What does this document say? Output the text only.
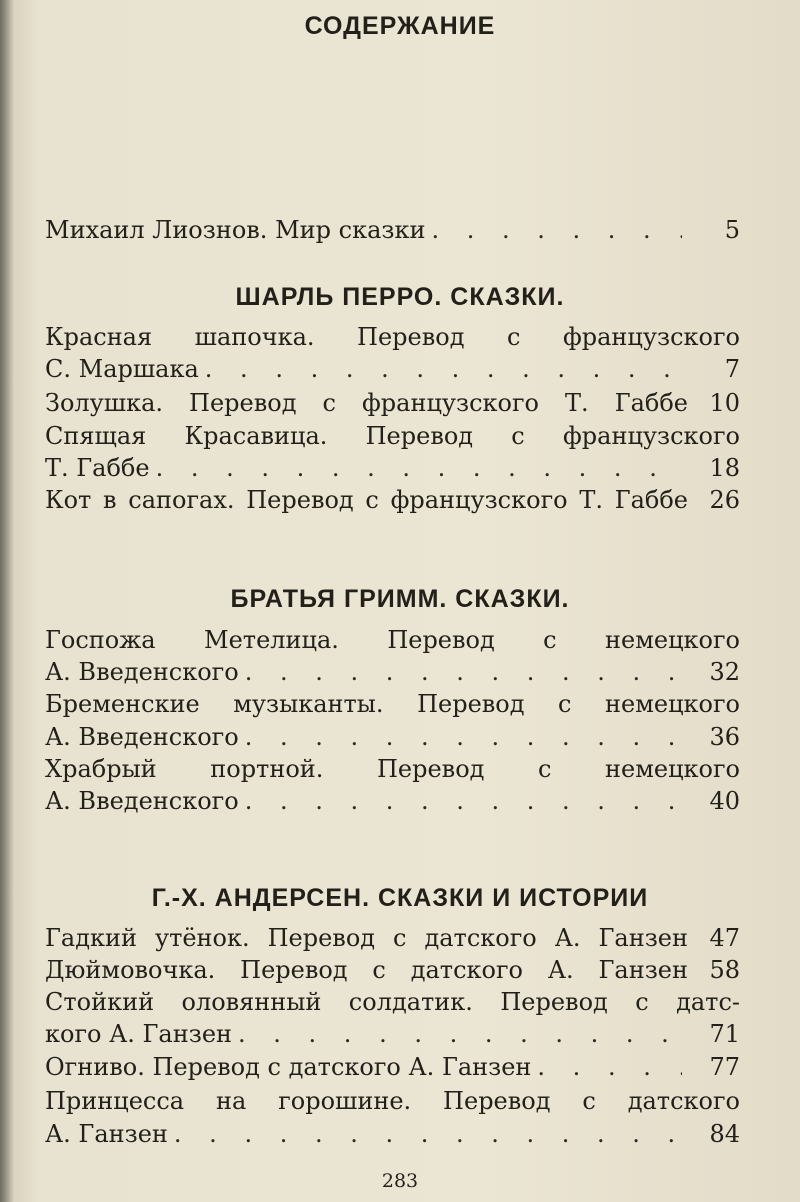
СОДЕРЖАНИЕ
Михаил Лиознов. Мир сказки . . .	5
ШАРЛЬ ПЕРРО. СКАЗКИ.
Красная шапочка. Перевод с французского
С. Маршака . . .	7
Золушка. Перевод с французского Т. Габбе 10
Спящая Красавица. Перевод с французского
Т. Габбе . . .	18
Кот в сапогах. Перевод с французского Т. Габбе 26
БРАТЬЯ ГРИММ. СКАЗКИ.
Госпожа Метелица. Перевод с немецкого
А. Введенского . . .	32
Бременские музыканты. Перевод с немецкого
А. Введенского . . .	36
Храбрый портной. Перевод с немецкого
А. Введенского . . .	40
Г.-Х. АНДЕРСЕН. СКАЗКИ И ИСТОРИИ
Гадкий утёнок. Перевод с датского А. Ганзен 47
Дюймовочка. Перевод с датского А. Ганзен 58
Стойкий оловянный солдатик. Перевод с датс-
кого А. Ганзен . . .	71
Огниво. Перевод с датского А. Ганзен . . .	77
Принцесса на горошине. Перевод с датского
А. Ганзен . . .	84
283
